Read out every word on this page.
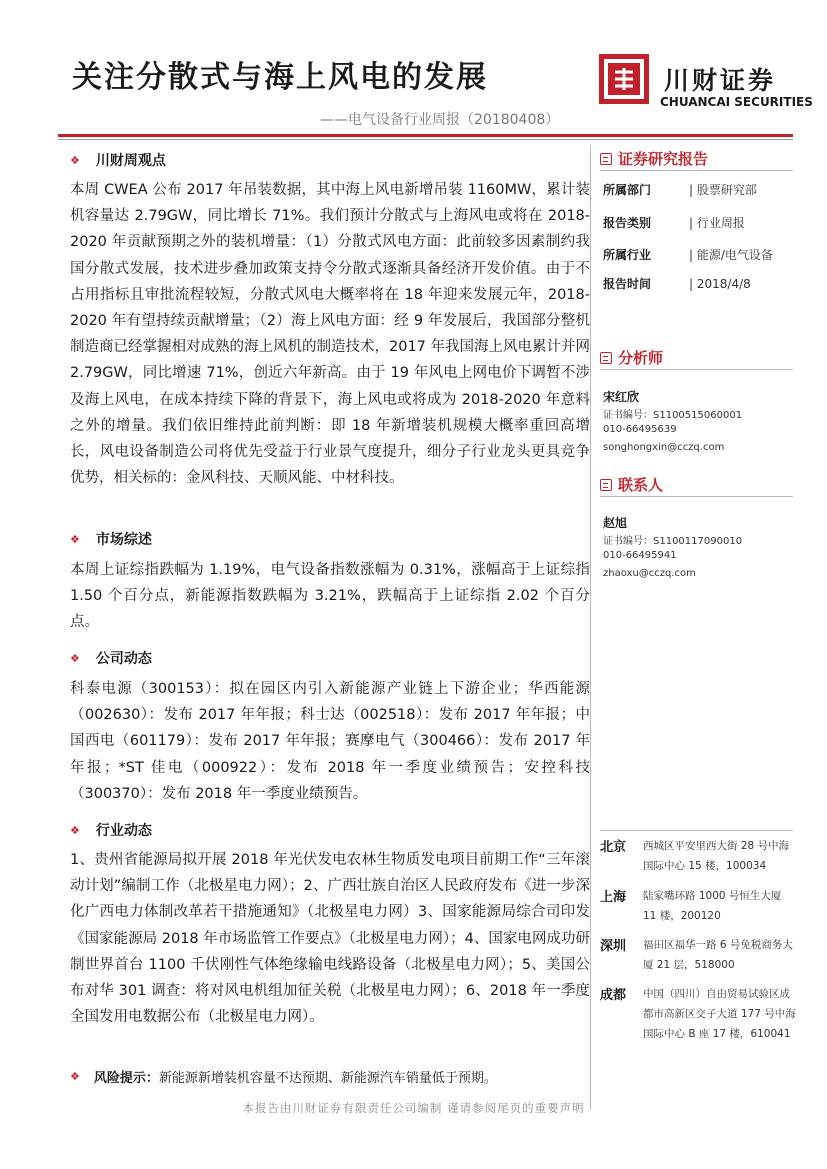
关注分散式与海上风电的发展
——电气设备行业周报（20180408）
川财证券
CHUANCAI SECURITIES
❖ 川财周观点
本周 CWEA 公布 2017 年吊装数据，其中海上风电新增吊装 1160MW，累计装机容量达 2.79GW，同比增长 71%。我们预计分散式与上海风电或将在 2018-2020 年贡献预期之外的装机增量：（1）分散式风电方面：此前较多因素制约我国分散式发展，技术进步叠加政策支持令分散式逐渐具备经济开发价值。由于不占用指标且审批流程较短，分散式风电大概率将在 18 年迎来发展元年，2018-2020 年有望持续贡献增量；（2）海上风电方面：经 9 年发展后，我国部分整机制造商已经掌握相对成熟的海上风机的制造技术，2017 年我国海上风电累计并网 2.79GW，同比增速 71%，创近六年新高。由于 19 年风电上网电价下调暂不涉及海上风电，在成本持续下降的背景下，海上风电或将成为 2018-2020 年意料之外的增量。我们依旧维持此前判断：即 18 年新增装机规模大概率重回高增长，风电设备制造公司将优先受益于行业景气度提升，细分子行业龙头更具竞争优势，相关标的：金风科技、天顺风能、中材科技。
❖ 市场综述
本周上证综指跌幅为 1.19%，电气设备指数涨幅为 0.31%，涨幅高于上证综指 1.50 个百分点，新能源指数跌幅为 3.21%，跌幅高于上证综指 2.02 个百分点。
❖ 公司动态
科泰电源（300153）：拟在园区内引入新能源产业链上下游企业；华西能源（002630）：发布 2017 年年报；科士达（002518）：发布 2017 年年报；中国西电（601179）：发布 2017 年年报；赛摩电气（300466）：发布 2017 年年报；*ST 佳电（000922）：发布 2018 年一季度业绩预告；安控科技（300370）：发布 2018 年一季度业绩预告。
❖ 行业动态
1、贵州省能源局拟开展 2018 年光伏发电农林生物质发电项目前期工作“三年滚动计划”编制工作（北极星电力网）；2、广西壮族自治区人民政府发布《进一步深化广西电力体制改革若干措施通知》（北极星电力网）3、国家能源局综合司印发《国家能源局 2018 年市场监管工作要点》（北极星电力网）；4、国家电网成功研制世界首台 1100 千伏刚性气体绝缘输电线路设备（北极星电力网）；5、美国公布对华 301 调查：将对风电机组加征关税（北极星电力网）；6、2018 年一季度全国发用电数据公布（北极星电力网）。
❖ 风险提示：新能源新增装机容量不达预期、新能源汽车销量低于预期。
证券研究报告
所属部门	| 股票研究部
报告类别	| 行业周报
所属行业	| 能源/电气设备
报告时间	| 2018/4/8
分析师
宋红欣
证书编号：S1100515060001
010-66495639
songhongxin@cczq.com
联系人
赵旭
证书编号：S1100117090010
010-66495941
zhaoxu@cczq.com
北京 西城区平安里西大街 28 号中海国际中心 15 楼，100034
上海 陆家嘴环路 1000 号恒生大厦 11 楼，200120
深圳 福田区福华一路 6 号免税商务大厦 21 层，518000
成都 中国（四川）自由贸易试验区成都市高新区交子大道 177 号中海国际中心 B 座 17 楼，610041
本报告由川财证券有限责任公司编制 谨请参阅尾页的重要声明
